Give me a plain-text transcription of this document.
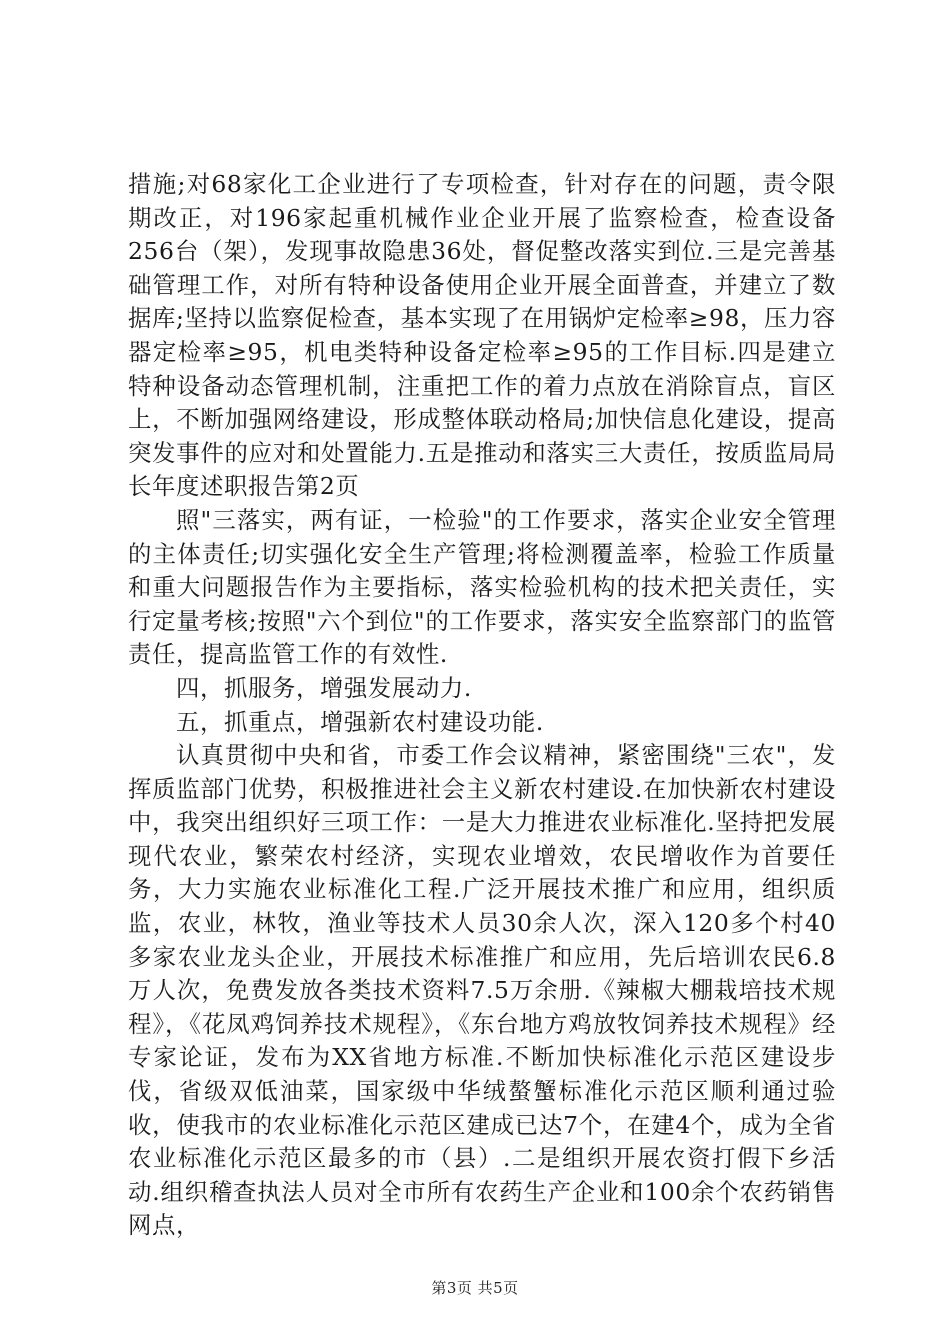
措施;对68家化工企业进行了专项检查，针对存在的问题，责令限期改正，对196家起重机械作业企业开展了监察检查，检查设备256台（架），发现事故隐患36处，督促整改落实到位.三是完善基础管理工作，对所有特种设备使用企业开展全面普查，并建立了数据库;坚持以监察促检查，基本实现了在用锅炉定检率≥98，压力容器定检率≥95，机电类特种设备定检率≥95的工作目标.四是建立特种设备动态管理机制，注重把工作的着力点放在消除盲点，盲区上，不断加强网络建设，形成整体联动格局;加快信息化建设，提高突发事件的应对和处置能力.五是推动和落实三大责任，按质监局局长年度述职报告第2页

照"三落实，两有证，一检验"的工作要求，落实企业安全管理的主体责任;切实强化安全生产管理;将检测覆盖率，检验工作质量和重大问题报告作为主要指标，落实检验机构的技术把关责任，实行定量考核;按照"六个到位"的工作要求，落实安全监察部门的监管责任，提高监管工作的有效性.

四，抓服务，增强发展动力.

五，抓重点，增强新农村建设功能.

认真贯彻中央和省，市委工作会议精神，紧密围绕"三农"，发挥质监部门优势，积极推进社会主义新农村建设.在加快新农村建设中，我突出组织好三项工作：一是大力推进农业标准化.坚持把发展现代农业，繁荣农村经济，实现农业增效，农民增收作为首要任务，大力实施农业标准化工程.广泛开展技术推广和应用，组织质监，农业，林牧，渔业等技术人员30余人次，深入120多个村40多家农业龙头企业，开展技术标准推广和应用，先后培训农民6.8万人次，免费发放各类技术资料7.5万余册.《辣椒大棚栽培技术规程》，《花凤鸡饲养技术规程》，《东台地方鸡放牧饲养技术规程》经专家论证，发布为XX省地方标准.不断加快标准化示范区建设步伐，省级双低油菜，国家级中华绒螯蟹标准化示范区顺利通过验收，使我市的农业标准化示范区建成已达7个，在建4个，成为全省农业标准化示范区最多的市（县）.二是组织开展农资打假下乡活动.组织稽查执法人员对全市所有农药生产企业和100余个农药销售网点，

第3页 共5页
